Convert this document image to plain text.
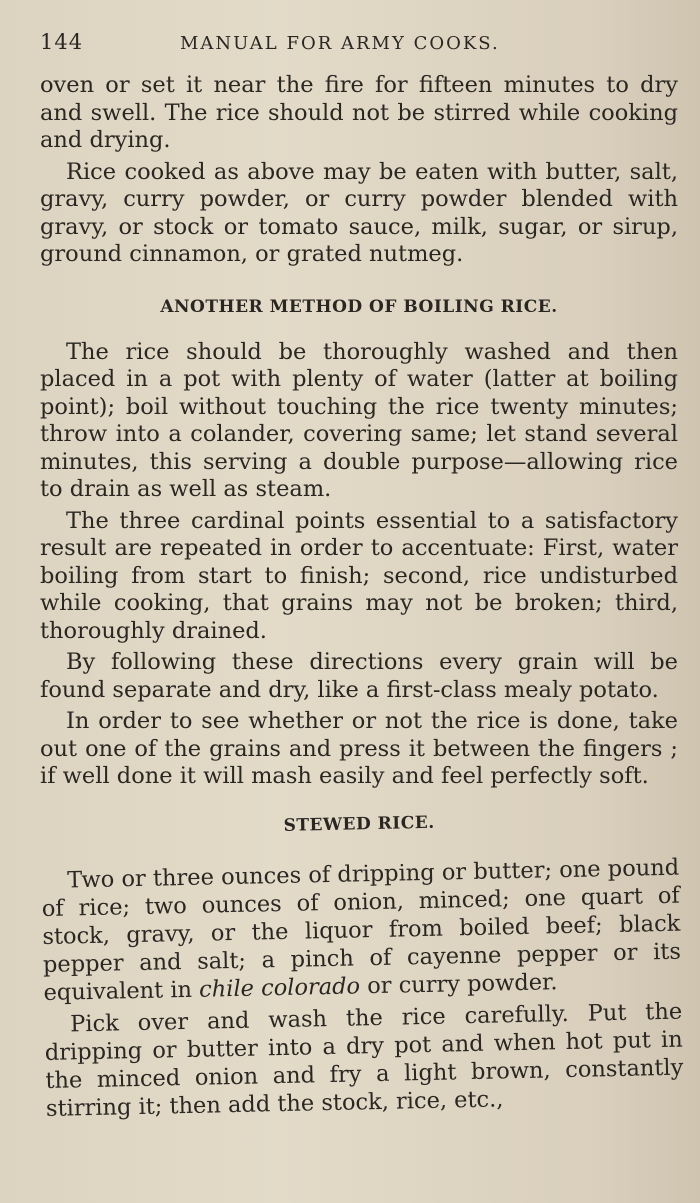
144	MANUAL FOR ARMY COOKS.

oven or set it near the fire for fifteen minutes to dry and swell. The rice should not be stirred while cooking and drying.

Rice cooked as above may be eaten with butter, salt, gravy, curry powder, or curry powder blended with gravy, or stock or tomato sauce, milk, sugar, or sirup, ground cinnamon, or grated nutmeg.

ANOTHER METHOD OF BOILING RICE.

The rice should be thoroughly washed and then placed in a pot with plenty of water (latter at boiling point); boil without touching the rice twenty minutes; throw into a colander, covering same; let stand several minutes, this serving a double purpose—allowing rice to drain as well as steam.

The three cardinal points essential to a satisfactory result are repeated in order to accentuate: First, water boiling from start to finish; second, rice undisturbed while cooking, that grains may not be broken; third, thoroughly drained.

By following these directions every grain will be found separate and dry, like a first-class mealy potato.

In order to see whether or not the rice is done, take out one of the grains and press it between the fingers ; if well done it will mash easily and feel perfectly soft.

STEWED RICE.

Two or three ounces of dripping or butter; one pound of rice; two ounces of onion, minced; one quart of stock, gravy, or the liquor from boiled beef; black pepper and salt; a pinch of cayenne pepper or its equivalent in chile colorado or curry powder.

Pick over and wash the rice carefully. Put the dripping or butter into a dry pot and when hot put in the minced onion and fry a light brown, constantly stirring it; then add the stock, rice, etc.,
